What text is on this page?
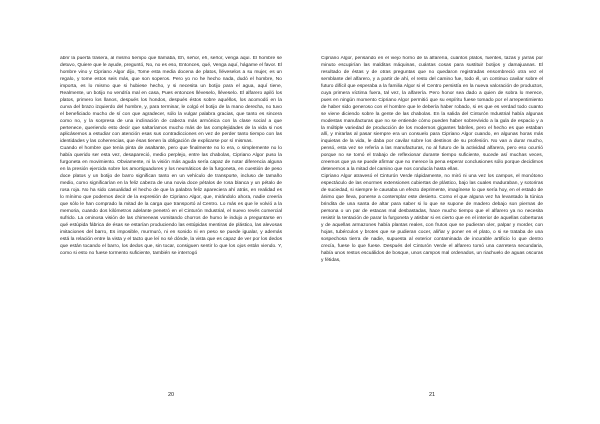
abrir la puerta trasera, al mismo tiempo que llamaba, Eh, señor, eh, señor, venga aquí. El hombre se detuvo, Quiere que le ayude, preguntó, No, no es eso, Entonces, qué, Venga aquí, hágame el favor. El hombre vino y Cipriano Algor dijo, Tome esta media docena de platos, lléveselos a su mujer, es un regalo, y tome estos seis más, que son soperos. Pero yo no he hecho nada, dudó el hombre, No importa, es lo mismo que si hubiese hecho, y si necesita un botijo para el agua, aquí tiene, Realmente, un botijo no vendría mal en casa, Pues entonces lléveselo, lléveselo. El alfarero apiló los platos, primero los llanos, después los hondos, después éstos sobre aquéllos, los acomodó en la curva del brazo izquierdo del hombre, y, para terminar, le colgó el botijo de la mano derecha, no tuvo el beneficiado mucho de sí con que agradecer, sólo la vulgar palabra gracias, que tanto es sincera como no, y la sorpresa de una inclinación de cabeza más armónica con la clase social a que pertenece, queriendo esto decir que saltaríamos mucho más de las complejidades de la vida si nos aplicásemos a estudiar con atención esas sus contradicciones en vez de perder tanto tiempo con las identidades y las coherencias, que ésas tienen la obligación de explicarse por sí mismas.

Cuando el hombre que tenía pinta de asaltante, pero que finalmente no lo era, o simplemente no lo había querido ser esta vez, desapareció, medio perplejo, entre las chabolas, Cipriano Algor puso la furgoneta en movimiento. Obviamente, ni la visión más aguda sería capaz de notar diferencia alguna en la presión ejercida sobre los amortiguadores y los neumáticos de la furgoneta, en cuestión de peso doce platos y un botijo de barro significan tanto en un vehículo de transporte, incluso de tamaño medio, como significarían en la feliz cabeza de una novia doce pétalos de rosa blanca y un pétalo de rosa roja. No ha sido casualidad el hecho de que la palabra feliz apareciera ahí atrás, en realidad es lo mínimo que podemos decir de la expresión de Cipriano Algor, que, mirándolo ahora, nadie creería que sólo le han comprado la mitad de la carga que transportó al Centro. Lo más es que le volvió a la memoria, cuando dos kilómetros adelante penetró en el Cinturón Industrial, el nuevo revés comercial sufrido. La ominosa visión de las chimeneas vomitando chorros de humo le indujo a preguntarse en qué estúpida fábrica de ésas se estarían produciendo las estúpidas mentiras de plástico, las alevosas imitaciones del barro, Es imposible, murmuró, ni en sonido ni en peso se puede igualar, y además está la relación entre la vista y el tacto que leí no sé dónde, la vista que es capaz de ver por los dedos que están tocando el barro, los dedos que, sin tocar, consiguen sentir lo que los ojos están viendo. Y, como si esto no fuese tormento suficiente, también se interrogó

20

Cipriano Algor, pensando en el viejo horno de la alfarería, cuántos platos, fuentes, tazas y jarras por minuto escupirían las malditas máquinas, cuántas cosas para sustituir botijos y damajuanas. El resultado de éstas y de otras preguntas que no quedaron registradas ensombreció otra vez el semblante del alfarero, y a partir de ahí, el resto del camino fue, todo él, un continuo cavilar sobre el futuro difícil que esperaba a la familia Algor si el Centro persistía en la nueva valoración de productos, cuya primera víctima fuera, tal vez, la alfarería. Pero honor sea dado a quien de sobra lo merece, pues en ningún momento Cipriano Algor permitió que su espíritu fuese tomado por el arrepentimiento de haber sido generoso con el hombre que le debería haber robado, si es que es verdad todo cuanto se viene diciendo sobre la gente de las chabolas. En la salida del Cinturón Industrial había algunas modestas manufacturas que no se entiende cómo pueden haber sobrevivido a la gula de espacio y a la múltiple variedad de producción de los modernos gigantes fabriles, pero el hecho es que estaban allí, y mirarlas al pasar siempre era un consuelo para Cipriano Algor cuando, en algunas horas más inquietas de la vida, le daba por cavilar sobre los destinos de su profesión. No van a durar mucho, pensó, esta vez se refería a las manufacturas, no al futuro de la actividad alfarera, pero eso ocurrió porque no se tomó el trabajo de reflexionar durante tiempo suficiente, sucede así muchas veces, creemos que ya se puede afirmar que no merece la pena esperar conclusiones sólo porque decidimos detenernos a la mitad del camino que nos conducía hasta ellas.

Cipriano Algor atravesó el Cinturón Verde rápidamente, no miró ni una vez los campos, el monótono espectáculo de las enormes extensiones cubiertas de plástico, bajo las cuales maduraban, y sotoriras de suciedad, si siempre le causaba un efecto deprimente, imagínese lo que sería hoy, en el estado de ánimo que lleva, ponerse a contemplar este desierto. Como el que alguna vez ha levantado la túnica brindita de una santa de altar para saber si lo que se supone de madero debajo son piernas de persona o un par de estacas mal desbastadas, hace mucho tiempo que el alfarero ya no necesita resistir la tentación de parar la furgoneta y atisbar si es cierto que en el interior de aquellas coberturas y de aquellas armazones había plantas reales, con frutos que se pudieran oler, palpar y morder, con hojas, tubérculos y brotes que se pudieran cocer, aliñar y poner en el plato, o si se trataba de una sospechosa tierra de nadie, supuesta al exterior contaminada de incurable artificio lo que dentro crecía, fuese lo que fuese. Después del Cinturón Verde el alfarero tomó una carretera secundaria, había unos restos escuálidos de bosque, unos campos mal ordenados, un riachuelo de aguas oscuras y fétidas,

21
